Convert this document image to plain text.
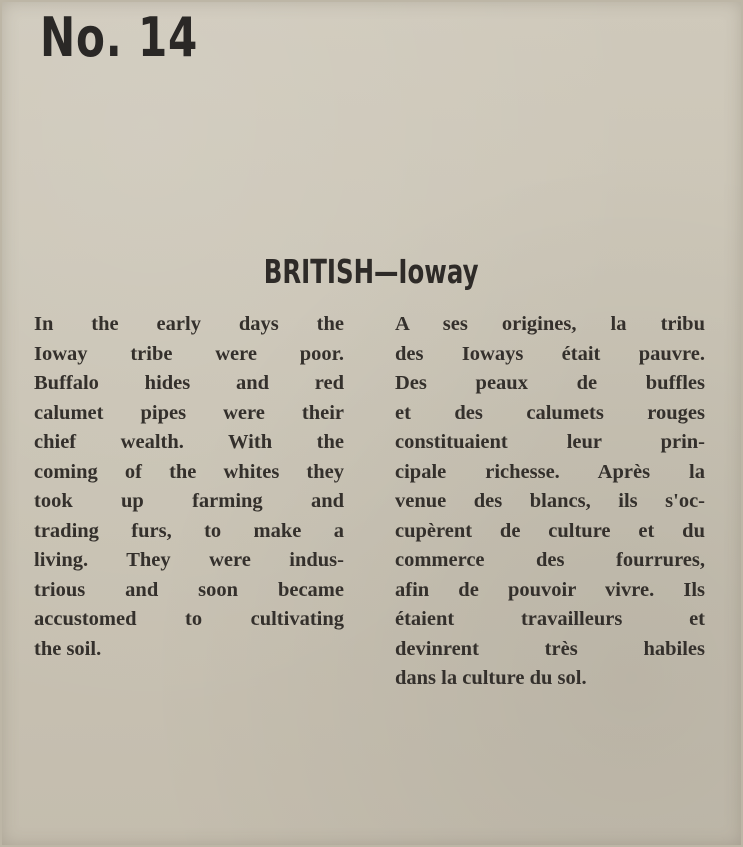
No. 14
BRITISH—Ioway
In the early days the
Ioway tribe were poor.
Buffalo hides and red
calumet pipes were their
chief wealth. With the
coming of the whites they
took up farming and
trading furs, to make a
living. They were indus-
trious and soon became
accustomed to cultivating
the soil.
A ses origines, la tribu
des Ioways était pauvre.
Des peaux de buffles
et des calumets rouges
constituaient leur prin-
cipale richesse. Après la
venue des blancs, ils s'oc-
cupèrent de culture et du
commerce des fourrures,
afin de pouvoir vivre. Ils
étaient travailleurs et
devinrent très habiles
dans la culture du sol.
